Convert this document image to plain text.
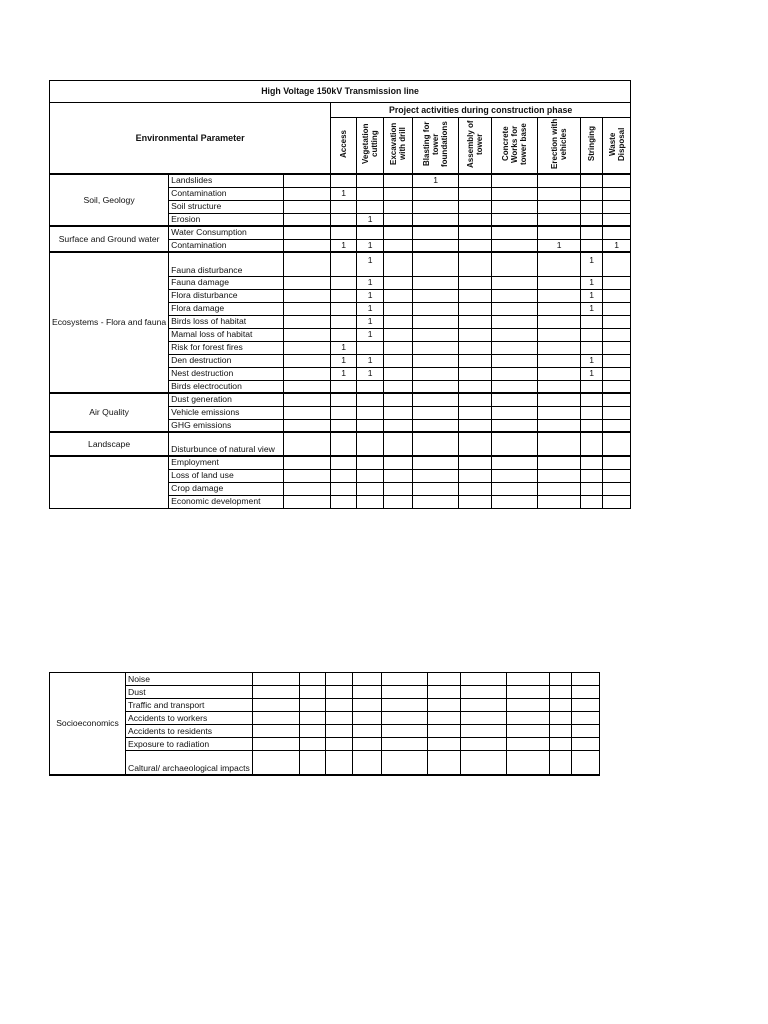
High Voltage 150kV Transmission line											
Environmental Parameter			Project activities during construction phase								
			Access	Vegetation cutting	Excavation with drill	Blasting for tower foundations	Assembly of tower	Concrete Works for tower base	Erection with vehicles	Stringing	Waste Disposal
Soil, Geology	Landslides					1					
	Contamination		1								
	Soil structure										
	Erosion			1							
Surface and Ground water	Water Consumption										
	Contamination		1	1					1		1
Ecosystems - Flora and fauna	Fauna disturbance			1						1	
	Fauna damage			1						1	
	Flora disturbance			1						1	
	Flora damage			1						1	
	Birds loss of habitat			1							
	Mamal loss of habitat			1							
	Risk for forest fires		1								
	Den destruction		1	1						1	
	Nest destruction		1	1						1	
	Birds electrocution										
Air Quality	Dust generation										
	Vehicle emissions										
	GHG emissions										
Landscape	Disturbunce of natural view										
	Employment										
	Loss of land use										
	Crop damage										
	Economic development										
Socioeconomics	Noise										
	Dust										
	Traffic and transport										
	Accidents to workers										
	Accidents to residents										
	Exposure to radiation										
	Caltural/ archaeological impacts										
